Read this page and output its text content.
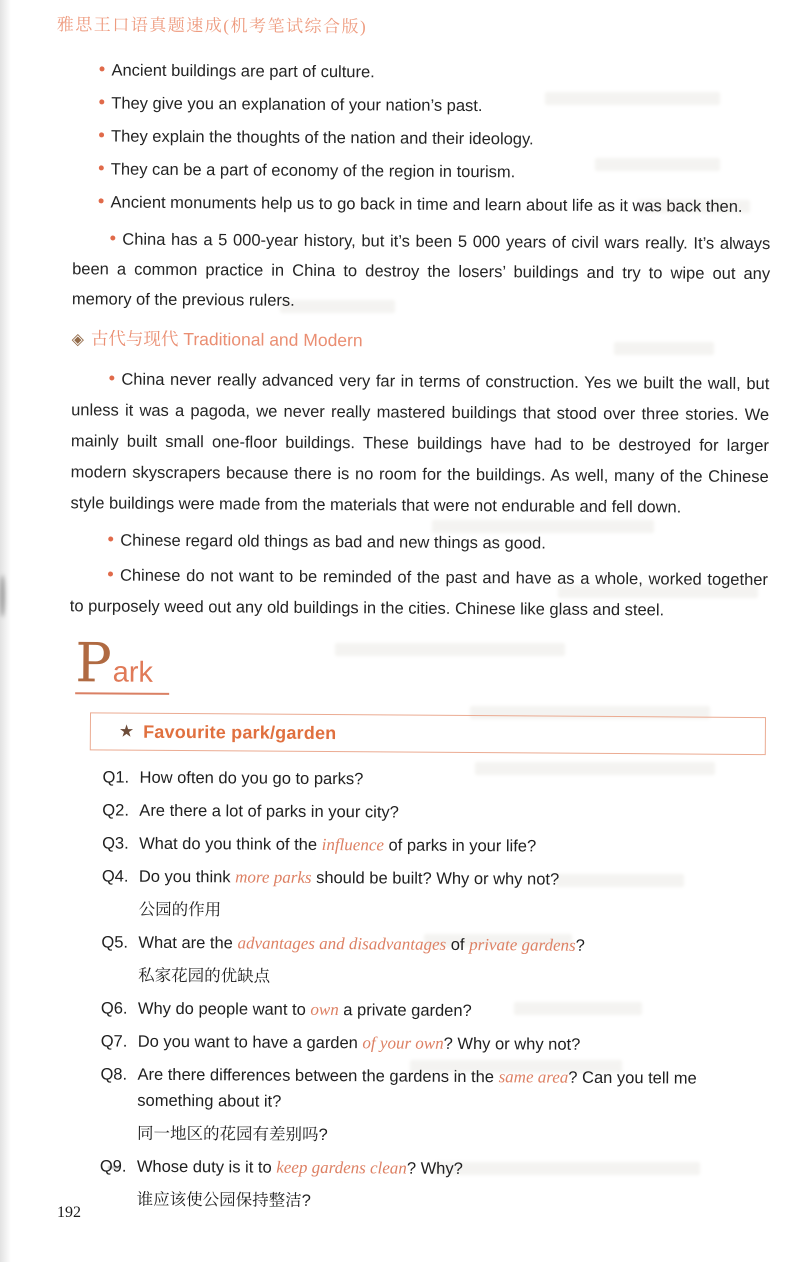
雅思王口语真题速成(机考笔试综合版)
Ancient buildings are part of culture.
They give you an explanation of your nation’s past.
They explain the thoughts of the nation and their ideology.
They can be a part of economy of the region in tourism.
Ancient monuments help us to go back in time and learn about life as it was back then.

China has a 5 000-year history, but it’s been 5 000 years of civil wars really. It’s always been a common practice in China to destroy the losers’ buildings and try to wipe out any memory of the previous rulers.

◈ 古代与现代 Traditional and Modern

China never really advanced very far in terms of construction. Yes we built the wall, but unless it was a pagoda, we never really mastered buildings that stood over three stories. We mainly built small one-floor buildings. These buildings have had to be destroyed for larger modern skyscrapers because there is no room for the buildings. As well, many of the Chinese style buildings were made from the materials that were not endurable and fell down.

Chinese regard old things as bad and new things as good.

Chinese do not want to be reminded of the past and have as a whole, worked together to purposely weed out any old buildings in the cities. Chinese like glass and steel.

Park
★ Favourite park/garden
Q1. How often do you go to parks?
Q2. Are there a lot of parks in your city?
Q3. What do you think of the influence of parks in your life?
Q4. Do you think more parks should be built? Why or why not?
公园的作用
Q5. What are the advantages and disadvantages of private gardens?
私家花园的优缺点
Q6. Why do people want to own a private garden?
Q7. Do you want to have a garden of your own? Why or why not?
Q8. Are there differences between the gardens in the same area? Can you tell me something about it?
同一地区的花园有差别吗?
Q9. Whose duty is it to keep gardens clean? Why?
谁应该使公园保持整洁?
192
